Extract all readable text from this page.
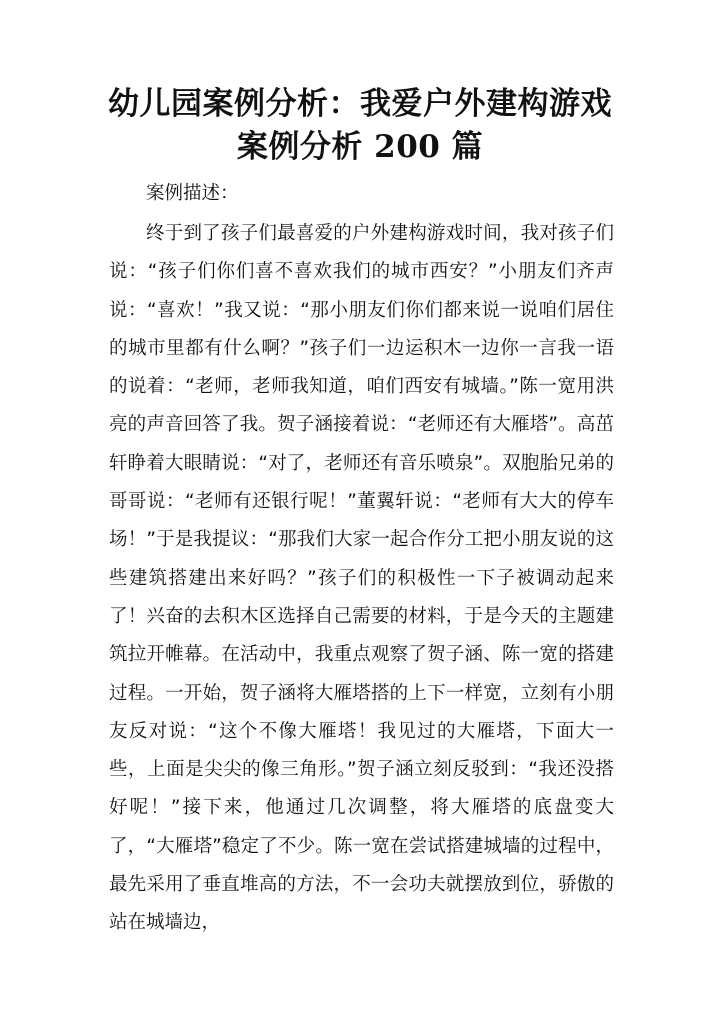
幼儿园案例分析：我爱户外建构游戏
案例分析 200 篇

案例描述：

终于到了孩子们最喜爱的户外建构游戏时间，我对孩子们说：“孩子们你们喜不喜欢我们的城市西安？”小朋友们齐声说：“喜欢！”我又说：“那小朋友们你们都来说一说咱们居住的城市里都有什么啊？”孩子们一边运积木一边你一言我一语的说着：“老师，老师我知道，咱们西安有城墙。”陈一宽用洪亮的声音回答了我。贺子涵接着说：“老师还有大雁塔”。高茁轩睁着大眼睛说：“对了，老师还有音乐喷泉”。双胞胎兄弟的哥哥说：“老师有还银行呢！”董翼轩说：“老师有大大的停车场！”于是我提议：“那我们大家一起合作分工把小朋友说的这些建筑搭建出来好吗？”孩子们的积极性一下子被调动起来了！兴奋的去积木区选择自己需要的材料，于是今天的主题建筑拉开帷幕。在活动中，我重点观察了贺子涵、陈一宽的搭建过程。一开始，贺子涵将大雁塔搭的上下一样宽，立刻有小朋友反对说：“这个不像大雁塔！我见过的大雁塔，下面大一些，上面是尖尖的像三角形。”贺子涵立刻反驳到：“我还没搭好呢！”接下来，他通过几次调整，将大雁塔的底盘变大了，“大雁塔”稳定了不少。陈一宽在尝试搭建城墙的过程中，最先采用了垂直堆高的方法，不一会功夫就摆放到位，骄傲的站在城墙边，
